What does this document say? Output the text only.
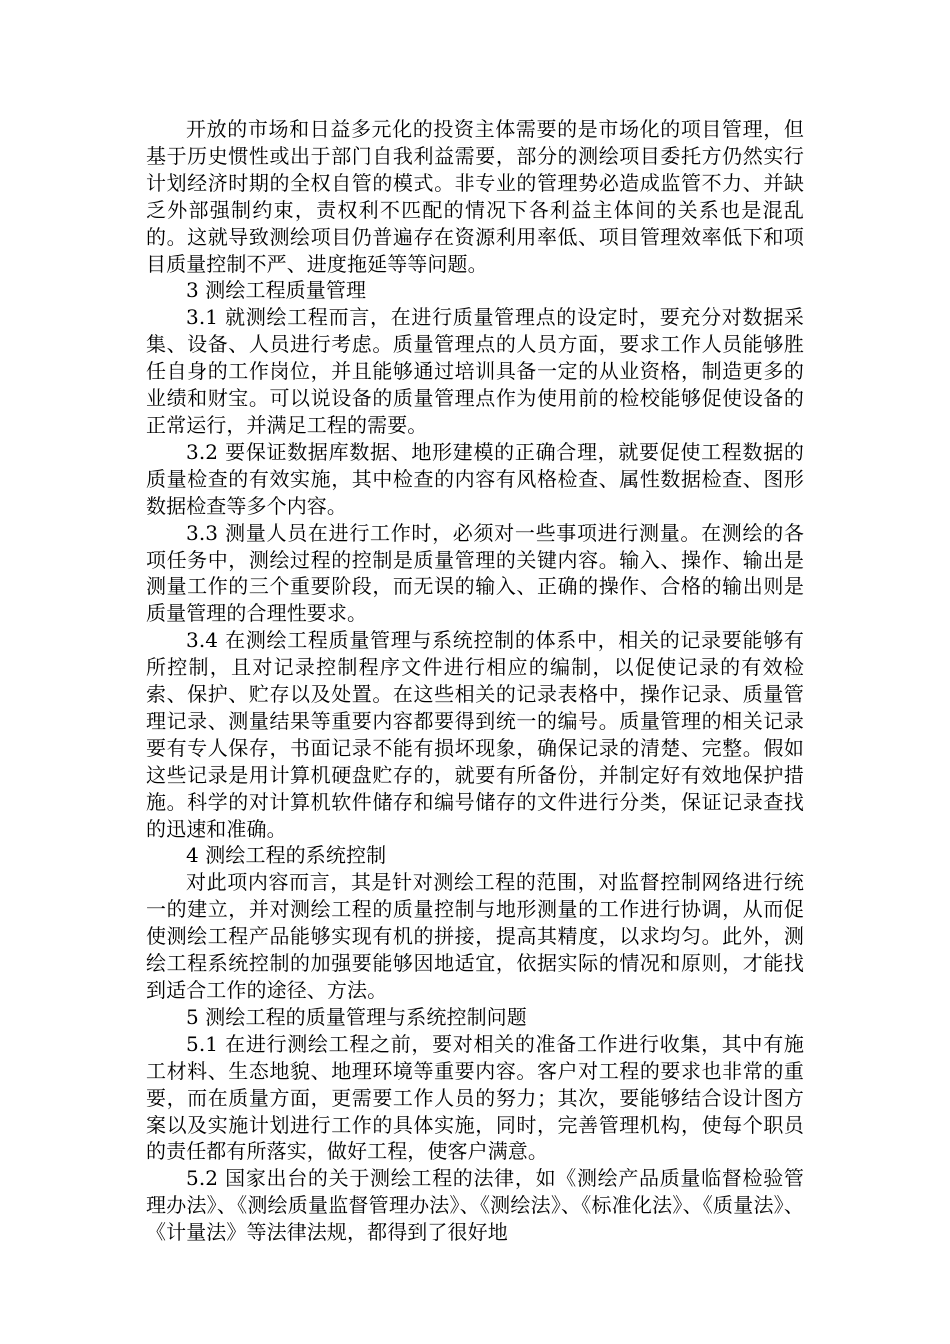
开放的市场和日益多元化的投资主体需要的是市场化的项目管理，但基于历史惯性或出于部门自我利益需要，部分的测绘项目委托方仍然实行计划经济时期的全权自管的模式。非专业的管理势必造成监管不力、并缺乏外部强制约束，责权利不匹配的情况下各利益主体间的关系也是混乱的。这就导致测绘项目仍普遍存在资源利用率低、项目管理效率低下和项目质量控制不严、进度拖延等等问题。

3 测绘工程质量管理

3.1 就测绘工程而言，在进行质量管理点的设定时，要充分对数据采集、设备、人员进行考虑。质量管理点的人员方面，要求工作人员能够胜任自身的工作岗位，并且能够通过培训具备一定的从业资格，制造更多的业绩和财宝。可以说设备的质量管理点作为使用前的检校能够促使设备的正常运行，并满足工程的需要。

3.2 要保证数据库数据、地形建模的正确合理，就要促使工程数据的质量检查的有效实施，其中检查的内容有风格检查、属性数据检查、图形数据检查等多个内容。

3.3 测量人员在进行工作时，必须对一些事项进行测量。在测绘的各项任务中，测绘过程的控制是质量管理的关键内容。输入、操作、输出是测量工作的三个重要阶段，而无误的输入、正确的操作、合格的输出则是质量管理的合理性要求。

3.4 在测绘工程质量管理与系统控制的体系中，相关的记录要能够有所控制，且对记录控制程序文件进行相应的编制，以促使记录的有效检索、保护、贮存以及处置。在这些相关的记录表格中，操作记录、质量管理记录、测量结果等重要内容都要得到统一的编号。质量管理的相关记录要有专人保存，书面记录不能有损坏现象，确保记录的清楚、完整。假如这些记录是用计算机硬盘贮存的，就要有所备份，并制定好有效地保护措施。科学的对计算机软件储存和编号储存的文件进行分类，保证记录查找的迅速和准确。

4 测绘工程的系统控制

对此项内容而言，其是针对测绘工程的范围，对监督控制网络进行统一的建立，并对测绘工程的质量控制与地形测量的工作进行协调，从而促使测绘工程产品能够实现有机的拼接，提高其精度，以求均匀。此外，测绘工程系统控制的加强要能够因地适宜，依据实际的情况和原则，才能找到适合工作的途径、方法。

5 测绘工程的质量管理与系统控制问题

5.1 在进行测绘工程之前，要对相关的准备工作进行收集，其中有施工材料、生态地貌、地理环境等重要内容。客户对工程的要求也非常的重要，而在质量方面，更需要工作人员的努力；其次，要能够结合设计图方案以及实施计划进行工作的具体实施，同时，完善管理机构，使每个职员的责任都有所落实，做好工程，使客户满意。

5.2 国家出台的关于测绘工程的法律，如《测绘产品质量临督检验管理办法》、《测绘质量监督管理办法》、《测绘法》、《标准化法》、《质量法》、《计量法》等法律法规，都得到了很好地
